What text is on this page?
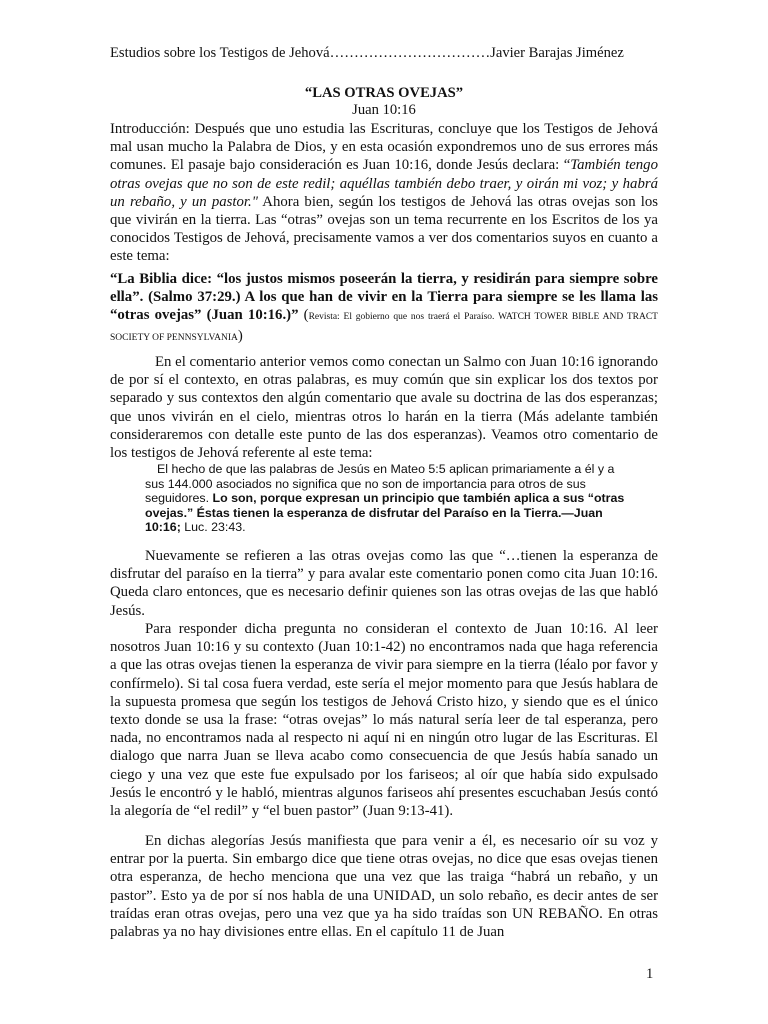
Estudios sobre los Testigos de Jehová……………………………Javier Barajas Jiménez
“LAS OTRAS OVEJAS”
Juan 10:16

Introducción: Después que uno estudia las Escrituras, concluye que los Testigos de Jehová mal usan mucho la Palabra de Dios, y en esta ocasión expondremos uno de sus errores más comunes. El pasaje bajo consideración es Juan 10:16, donde Jesús declara: “También tengo otras ovejas que no son de este redil; aquéllas también debo traer, y oirán mi voz; y habrá un rebaño, y un pastor." Ahora bien, según los testigos de Jehová las otras ovejas son los que vivirán en la tierra. Las “otras” ovejas son un tema recurrente en los Escritos de los ya conocidos Testigos de Jehová, precisamente vamos a ver dos comentarios suyos en cuanto a este tema:

“La Biblia dice: “los justos mismos poseerán la tierra, y residirán para siempre sobre ella”. (Salmo 37:29.) A los que han de vivir en la Tierra para siempre se les llama las “otras ovejas” (Juan 10:16.)” (Revista: El gobierno que nos traerá el Paraíso. WATCH TOWER BIBLE AND TRACT SOCIETY OF PENNSYLVANIA)

En el comentario anterior vemos como conectan un Salmo con Juan 10:16 ignorando de por sí el contexto, en otras palabras, es muy común que sin explicar los dos textos por separado y sus contextos den algún comentario que avale su doctrina de las dos esperanzas; que unos vivirán en el cielo, mientras otros lo harán en la tierra (Más adelante también consideraremos con detalle este punto de las dos esperanzas). Veamos otro comentario de los testigos de Jehová referente al este tema:

El hecho de que las palabras de Jesús en Mateo 5:5 aplican primariamente a él y a sus 144.000 asociados no significa que no son de importancia para otros de sus seguidores. Lo son, porque expresan un principio que también aplica a sus “otras ovejas.” Éstas tienen la esperanza de disfrutar del Paraíso en la Tierra.—Juan 10:16; Luc. 23:43.

Nuevamente se refieren a las otras ovejas como las que “…tienen la esperanza de disfrutar del paraíso en la tierra” y para avalar este comentario ponen como cita Juan 10:16. Queda claro entonces, que es necesario definir quienes son las otras ovejas de las que habló Jesús.

Para responder dicha pregunta no consideran el contexto de Juan 10:16. Al leer nosotros Juan 10:16 y su contexto (Juan 10:1-42) no encontramos nada que haga referencia a que las otras ovejas tienen la esperanza de vivir para siempre en la tierra (léalo por favor y confírmelo). Si tal cosa fuera verdad, este sería el mejor momento para que Jesús hablara de la supuesta promesa que según los testigos de Jehová Cristo hizo, y siendo que es el único texto donde se usa la frase: “otras ovejas” lo más natural sería leer de tal esperanza, pero nada, no encontramos nada al respecto ni aquí ni en ningún otro lugar de las Escrituras. El dialogo que narra Juan se lleva acabo como consecuencia de que Jesús había sanado un ciego y una vez que este fue expulsado por los fariseos; al oír que había sido expulsado Jesús le encontró y le habló, mientras algunos fariseos ahí presentes escuchaban Jesús contó la alegoría de “el redil” y “el buen pastor” (Juan 9:13-41).

En dichas alegorías Jesús manifiesta que para venir a él, es necesario oír su voz y entrar por la puerta. Sin embargo dice que tiene otras ovejas, no dice que esas ovejas tienen otra esperanza, de hecho menciona que una vez que las traiga “habrá un rebaño, y un pastor”. Esto ya de por sí nos habla de una UNIDAD, un solo rebaño, es decir antes de ser traídas eran otras ovejas, pero una vez que ya ha sido traídas son UN REBAÑO. En otras palabras ya no hay divisiones entre ellas. En el capítulo 11 de Juan

1
